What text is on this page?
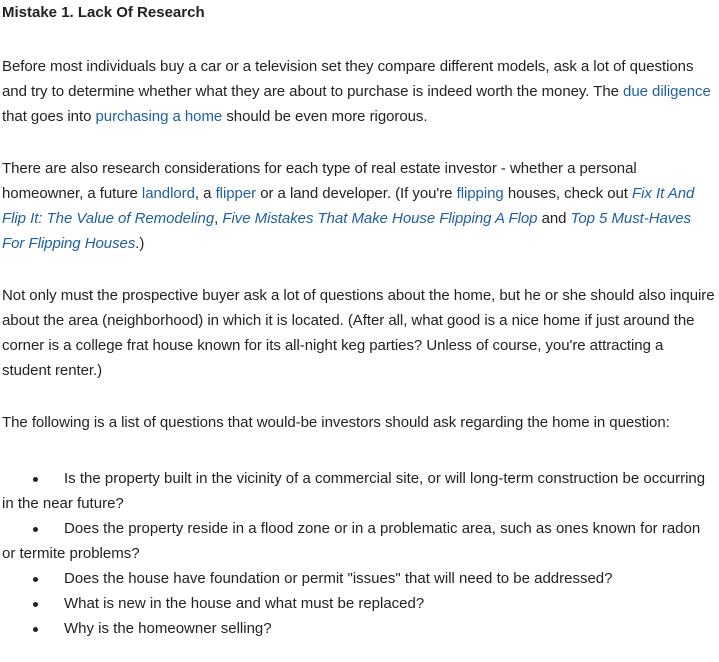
Mistake 1. Lack Of Research

Before most individuals buy a car or a television set they compare different models, ask a lot of questions and try to determine whether what they are about to purchase is indeed worth the money. The due diligence that goes into purchasing a home should be even more rigorous.

There are also research considerations for each type of real estate investor - whether a personal homeowner, a future landlord, a flipper or a land developer. (If you're flipping houses, check out Fix It And Flip It: The Value of Remodeling, Five Mistakes That Make House Flipping A Flop and Top 5 Must-Haves For Flipping Houses.)

Not only must the prospective buyer ask a lot of questions about the home, but he or she should also inquire about the area (neighborhood) in which it is located. (After all, what good is a nice home if just around the corner is a college frat house known for its all-night keg parties? Unless of course, you're attracting a student renter.)

The following is a list of questions that would-be investors should ask regarding the home in question:

Is the property built in the vicinity of a commercial site, or will long-term construction be occurring in the near future?
Does the property reside in a flood zone or in a problematic area, such as ones known for radon or termite problems?
Does the house have foundation or permit "issues" that will need to be addressed?
What is new in the house and what must be replaced?
Why is the homeowner selling?
